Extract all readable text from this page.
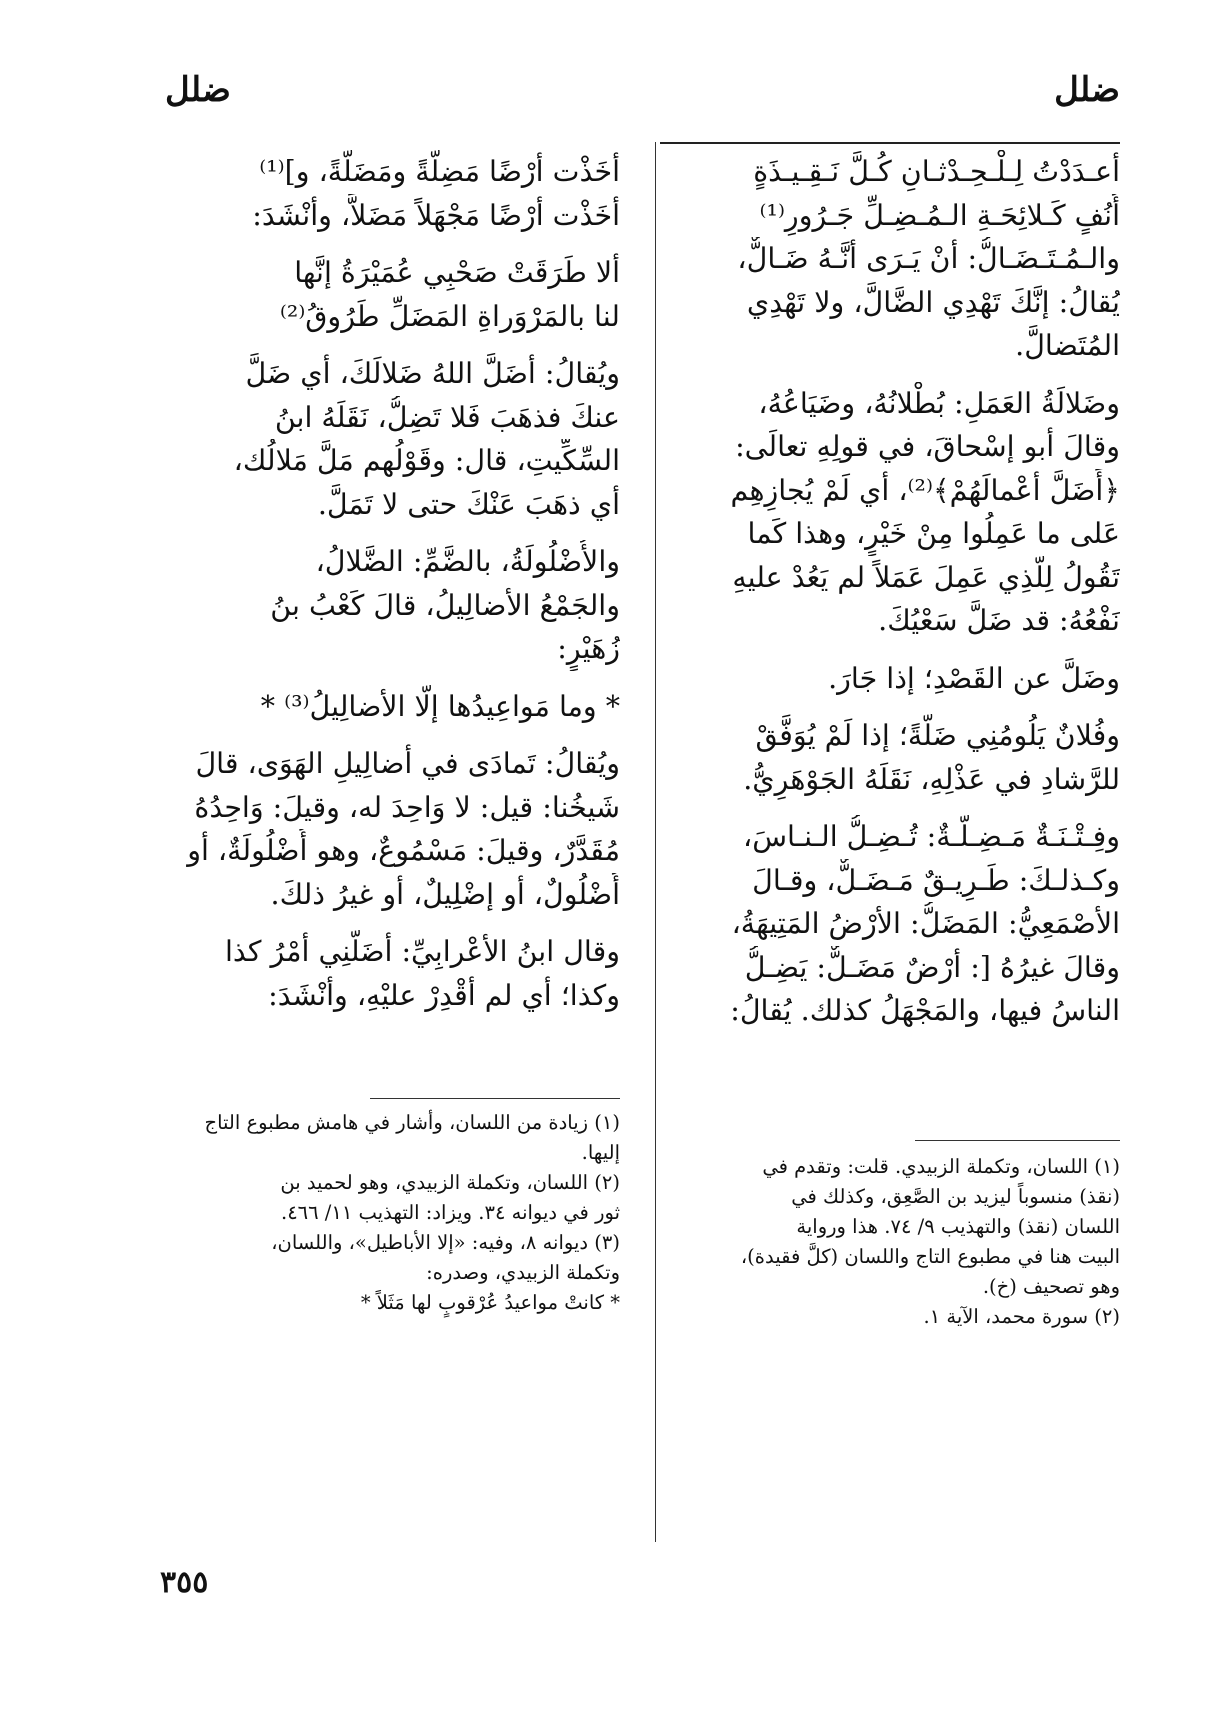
ضلل
ضلل
أعـدَدْتُ لِـلْـحِـدْثـانِ كُـلَّ نَـقِـيـذَةٍ
أُنُفٍ كَـلائِحَـةِ الـمُـضِـلِّ جَـرُورِ⁽¹⁾
والـمُـتَـضَـالُّ: أنْ يَـرَى أنَّـهُ ضَـالٌّ،
يُقالُ: إنَّكَ تَهْدِي الضَّالَّ، ولا تَهْدِي
المُتَضالَّ.
وضَلالَةُ العَمَلِ: بُطْلانُهُ، وضَيَاعُهُ،
وقالَ أبو إسْحاقَ، في قولِهِ تعالَى:
﴿أَضَلَّ أعْمالَهُمْ﴾⁽²⁾، أي لَمْ يُجازِهِم
عَلى ما عَمِلُوا مِنْ خَيْرٍ، وهذا كَما
تَقُولُ لِلَّذِي عَمِلَ عَمَلاً لم يَعُدْ عليهِ
نَفْعُهُ: قد ضَلَّ سَعْيُكَ.
وضَلَّ عن القَصْدِ؛ إذا جَارَ.
وفُلانٌ يَلُومُنِي ضَلَّةً؛ إذا لَمْ يُوَفَّقْ
للرَّشادِ في عَذْلِهِ، نَقَلَهُ الجَوْهَرِيُّ.
وفِـتْـنَـةٌ مَـضِـلَّـةٌ: تُـضِـلُّ الـنـاسَ،
وكـذلـكَ: طَـرِيـقٌ مَـضَـلٌّ، وقـالَ
الأصْمَعِيُّ: المَضَلُّ: الأرْضُ المَتِيهَةُ،
وقالَ غيرُهُ [: أرْضٌ مَضَـلٌّ: يَضِـلُّ
الناسُ فيها، والمَجْهَلُ كذلك. يُقالُ:
أخَذْت أرْضًا مَضِلَّةً ومَضَلَّةً، و]⁽¹⁾
أخَذْت أرْضًا مَجْهَلاً مَضَلاًّ، وأنْشَدَ:
ألا طَرَقَتْ صَحْبِي عُمَيْرَةُ إنَّها
لنا بالمَرْوَراةِ المَضَلِّ طَرُوقُ⁽²⁾
ويُقالُ: أضَلَّ اللهُ ضَلالَكَ، أي ضَلَّ
عنكَ فذهَبَ فَلا تَضِلُّ، نَقَلَهُ ابنُ
السِّكِّيتِ، قال: وقَوْلُهم مَلَّ مَلالُك،
أي ذهَبَ عَنْكَ حتى لا تَمَلَّ.
والأُضْلُولَةُ، بالضَّمِّ: الضَّلالُ،
والجَمْعُ الأضالِيلُ، قالَ كَعْبُ بنُ
زُهَيْرٍ:
* وما مَواعِيدُها إلَّا الأضالِيلُ⁽³⁾ *
ويُقالُ: تَمادَى في أضالِيلِ الهَوَى، قالَ
شَيخُنا: قيل: لا وَاحِدَ له، وقيلَ: وَاحِدُهُ
مُقَدَّرٌ، وقيلَ: مَسْمُوعٌ، وهو أُضْلُولَةٌ، أو
أُضْلُولٌ، أو إضْلِيلٌ، أو غيرُ ذلكَ.
وقال ابنُ الأعْرابِيِّ: أضَلَّنِي أمْرُ كذا
وكذا؛ أي لم أقْدِرْ عليْهِ، وأنْشَدَ:
(١) اللسان، وتكملة الزبيدي. قلت: وتقدم في
(نقذ) منسوباً ليزيد بن الصَّعِق، وكذلك في
اللسان (نقذ) والتهذيب ٩/ ٧٤. هذا ورواية
البيت هنا في مطبوع التاج واللسان (كلَّ فقيدة)،
وهو تصحيف (خ).
(٢) سورة محمد، الآية ١.
(١) زيادة من اللسان، وأشار في هامش مطبوع التاج
إليها.
(٢) اللسان، وتكملة الزبيدي، وهو لحميد بن
ثور في ديوانه ٣٤. ويزاد: التهذيب ١١/ ٤٦٦.
(٣) ديوانه ٨، وفيه: «إلا الأباطيل»، واللسان،
وتكملة الزبيدي، وصدره:
* كانتْ مواعيدُ عُرْقوبٍ لها مَثَلاً *
٣٥٥
